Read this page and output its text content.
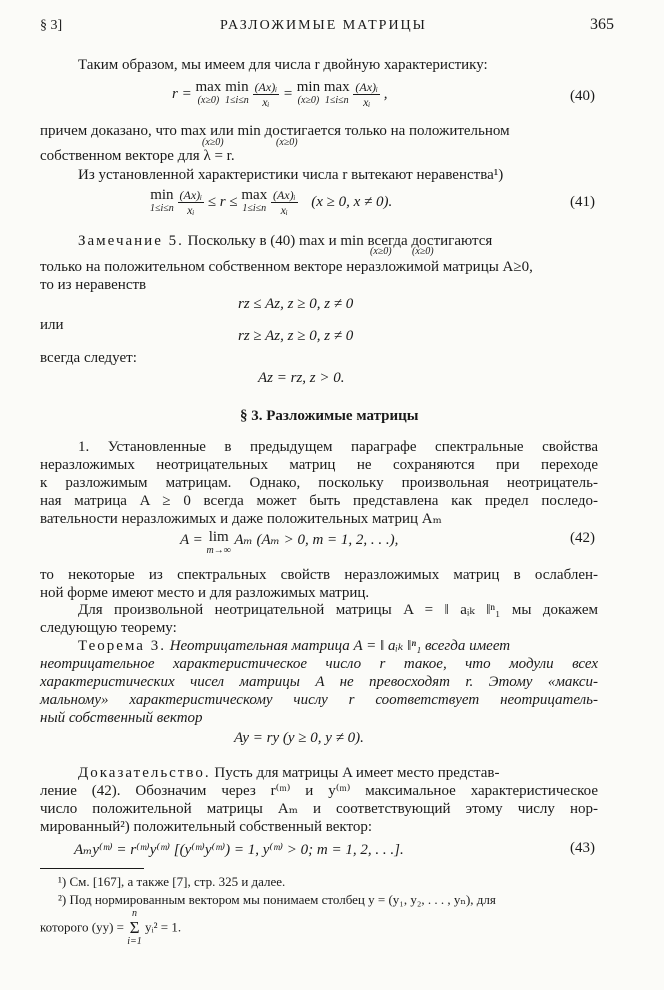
§ 3]	РАЗЛОЖИМЫЕ МАТРИЦЫ	365
Таким образом, мы имеем для числа r двойную характеристику:
r = max
(x≥0)
min
1≤i≤n
$\frac{\text{(Ax)ᵢ}}{\text{xᵢ}} = \min$
(x≥0)
max
1≤i≤n
$\frac{\text{(Ax)ᵢ}}{\text{xᵢ}}$ ,	(40)
причем доказано, что max или min достигается только на положительном
(x≥0)	(x≥0)
собственном векторе для λ = r.
Из установленной характеристики числа r вытекают неравенства¹)
min
1≤i≤n
$\frac{\text{(Ax)ᵢ}}{\text{xᵢ}} \le r \le \max$
1≤i≤n
$\frac{\text{(Ax)ᵢ}}{\text{xᵢ}} (x \ge 0$, x ≠ 0).	(41)
Замечание 5. Поскольку в (40) max и min всегда достигаются
(x≥0) (x≥0)
только на положительном собственном векторе неразложимой матрицы A≥0,
то из неравенств
rz ≤ Az, z ≥ 0, z ≠ 0
или
rz ≥ Az, z ≥ 0, z ≠ 0
всегда следует:
Az = rz, z > 0.
§ 3. Разложимые матрицы
1. Установленные в предыдущем параграфе спектральные свойства
неразложимых неотрицательных матриц не сохраняются при переходе
к разложимым матрицам. Однако, поскольку произвольная неотрицатель-
ная матрица A ≥ 0 всегда может быть представлена как предел последо-
вательности неразложимых и даже положительных матриц Aₘ
A = lim
m→∞
Aₘ (Aₘ > 0, m = 1, 2, . . .),	(42)
то некоторые из спектральных свойств неразложимых матриц в ослаблен-
ной форме имеют место и для разложимых матриц.
Для произвольной неотрицательной матрицы A = ‖ aᵢₖ ‖ⁿ₁ мы докажем
следующую теорему:
Теорема 3. Неотрицательная матрица A = ‖ aᵢₖ ‖ⁿ₁ всегда имеет
неотрицательное характеристическое число r такое, что модули всех
характеристических чисел матрицы A не превосходят r. Этому «макси-
мальному» характеристическому числу r соответствует неотрицатель-
ный собственный вектор
Ay = ry (y ≥ 0, y ≠ 0).
Доказательство. Пусть для матрицы A имеет место представ-
ление (42). Обозначим через r⁽ᵐ⁾ и y⁽ᵐ⁾ максимальное характеристическое
число положительной матрицы Aₘ и соответствующий этому числу нор-
мированный²) положительный собственный вектор:
Aₘy⁽ᵐ⁾ = r⁽ᵐ⁾y⁽ᵐ⁾ [(y⁽ᵐ⁾y⁽ᵐ⁾) = 1, y⁽ᵐ⁾ > 0; m = 1, 2, . . .].	(43)
¹) См. [167], а также [7], стр. 325 и далее.
²) Под нормированным вектором мы понимаем столбец y = (y₁, y₂, . . . , yₙ), для
которого (yy) =
n
Σ
i=1
yᵢ² = 1.
